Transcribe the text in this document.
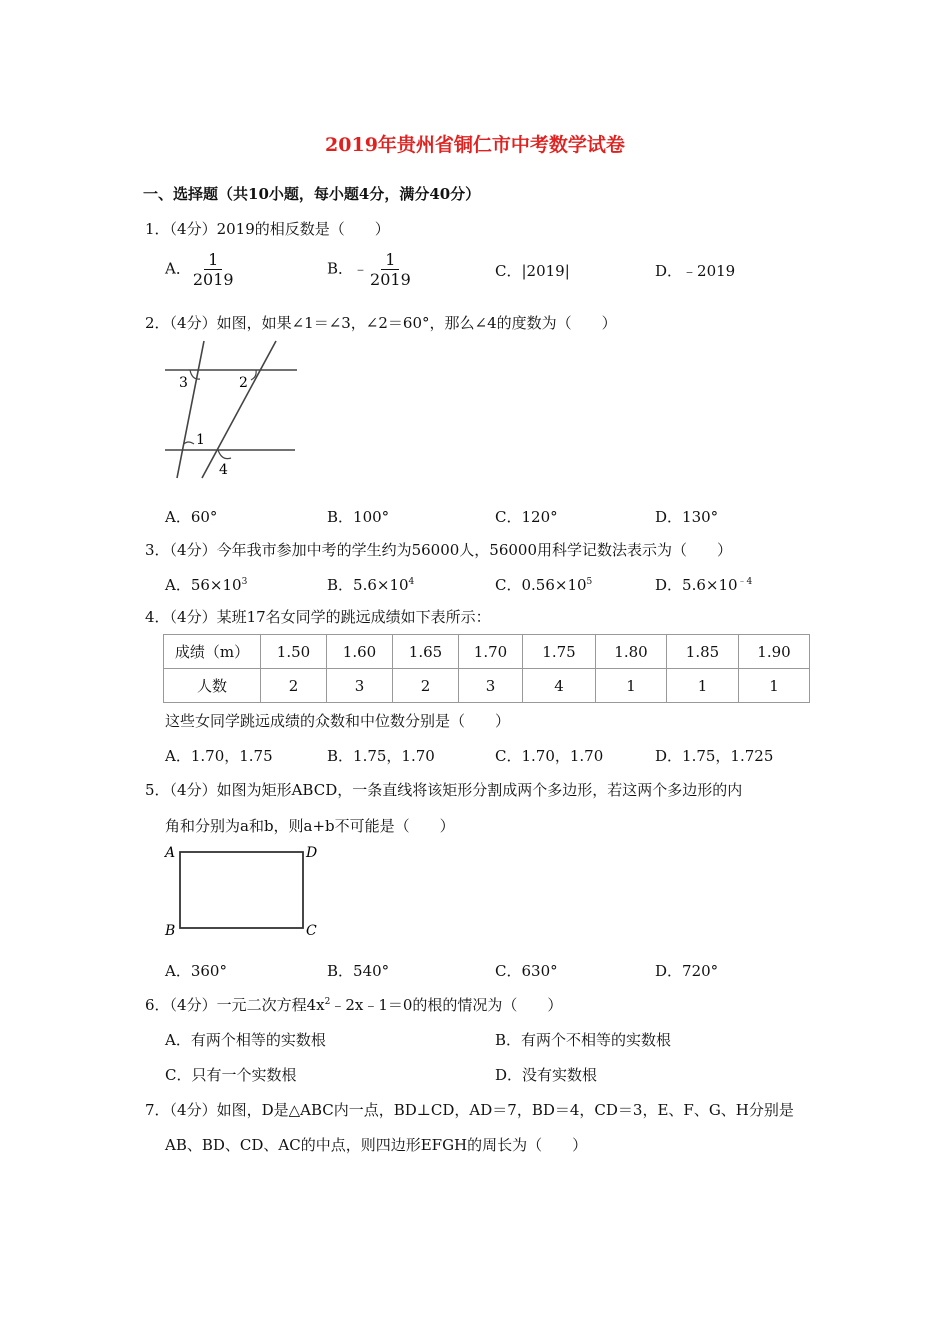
2019年贵州省铜仁市中考数学试卷
一、选择题（共10小题，每小题4分，满分40分）
1．（4分）2019的相反数是（　　）
A． $\frac{1}{2019}$	B．﹣ $\frac{1}{2019}$	C．|2019|	D．﹣2019
2．（4分）如图，如果∠1＝∠3，∠2＝60°，那么∠4的度数为（　　）
3	2
1
4
A．60°	B．100°	C．120°	D．130°
3．（4分）今年我市参加中考的学生约为56000人，56000用科学记数法表示为（　　）
A．$56\times 10^3$	B．$5.6\times 10^4$	C．$0.56\times 10^5$	D．$5.6\times 10^{﹣4}$
4．（4分）某班17名女同学的跳远成绩如下表所示：
成绩（m）	1.50	1.60	1.65	1.70	1.75	1.80	1.85	1.90
人数	2	3	2	3	4	1	1	1
这些女同学跳远成绩的众数和中位数分别是（　　）
A．1.70，1.75	B．1.75，1.70	C．1.70，1.70	D．1.75，1.725
5．（4分）如图为矩形ABCD，一条直线将该矩形分割成两个多边形，若这两个多边形的内
角和分别为a和b，则a+b不可能是（　　）
A	D
B	C
A．360°	B．540°	C．630°	D．720°
6．（4分）一元二次方程$4x^2﹣2x﹣1=0$的根的情况为（　　）
A．有两个相等的实数根	B．有两个不相等的实数根
C．只有一个实数根	D．没有实数根
7．（4分）如图，D是△ABC内一点，BD⊥CD，AD＝7，BD＝4，CD＝3，E、F、G、H分别是
AB、BD、CD、AC的中点，则四边形EFGH的周长为（　　）
